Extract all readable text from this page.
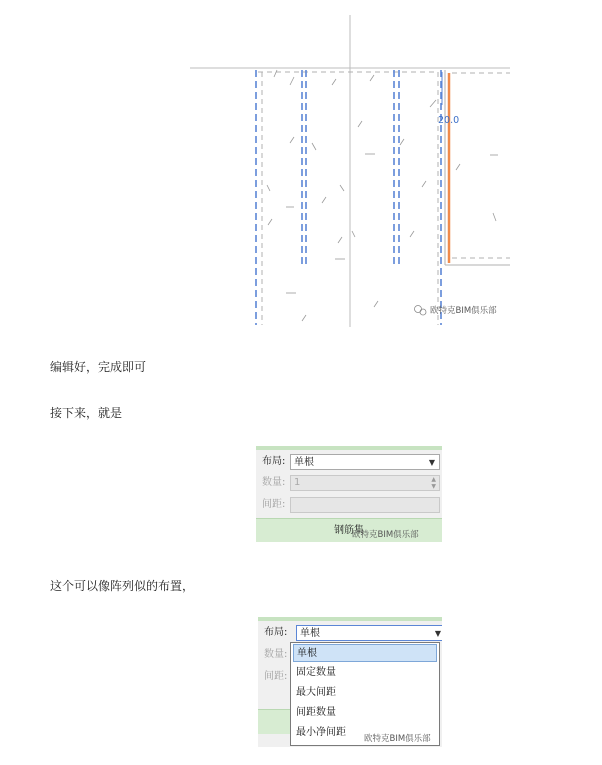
20.0
欧特克BIM俱乐部
编辑好，完成即可
接下来，就是
这个可以像阵列似的布置，
布局: 单根	▼
数量: 1	▲
▼
间距:
钢筋集
欧特克BIM俱乐部
布局:	单根	▼
数量:
间距:
单根
固定数量
最大间距
间距数量
最小净间距
欧特克BIM俱乐部
